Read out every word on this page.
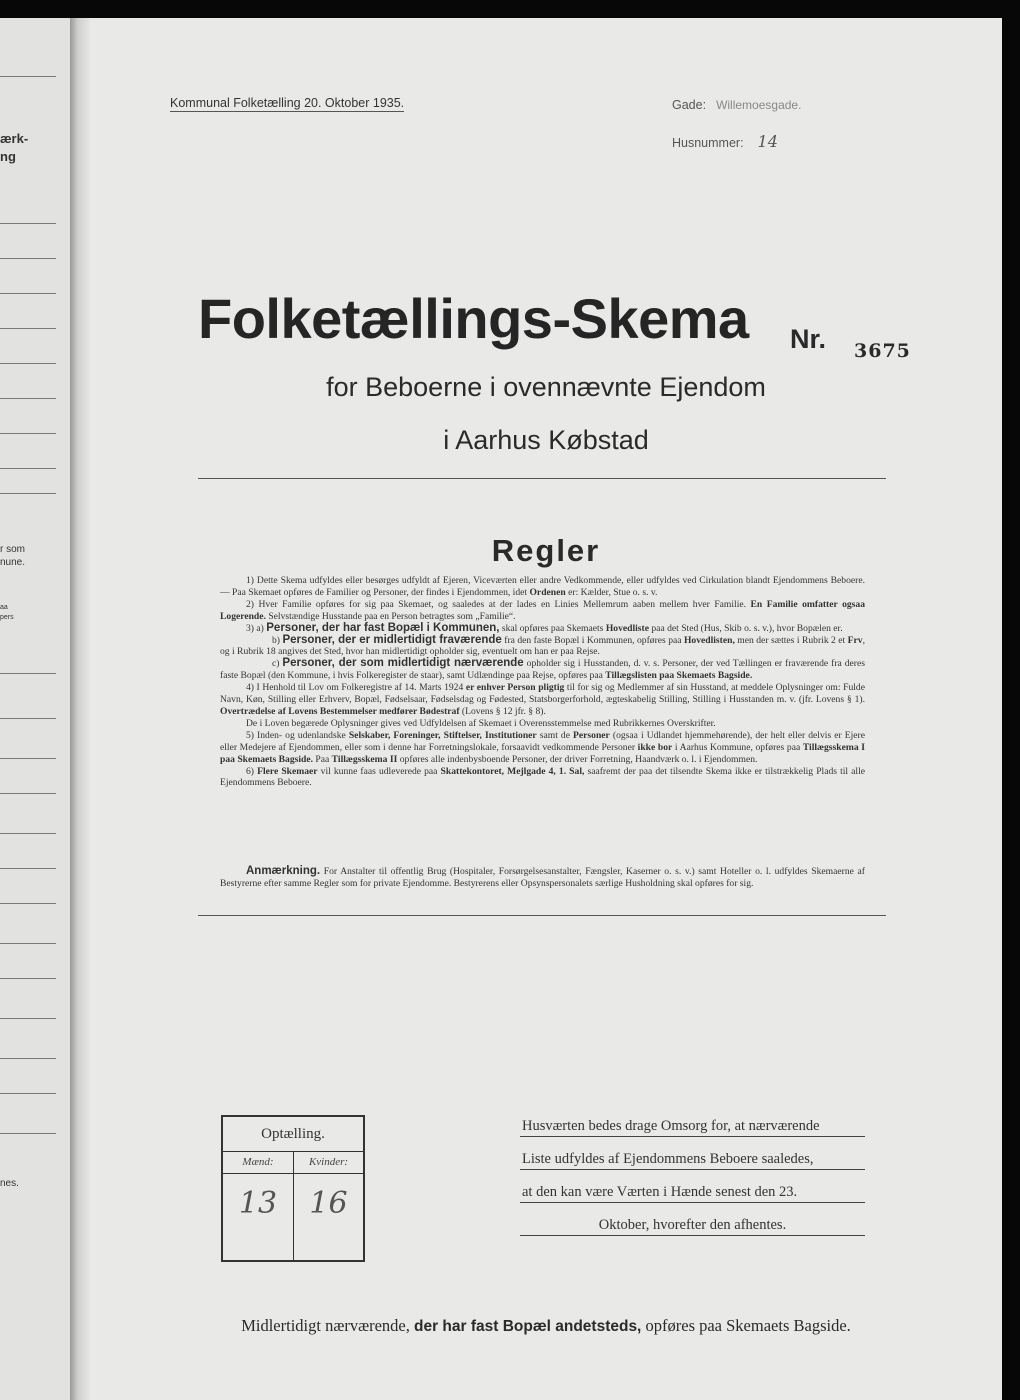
ærk-
ng
r som
nune.
aa
pers
nes.
Kommunal Folketælling 20. Oktober 1935.	Gade: Willemoesgade.
Husnummer: 14
Folketællings-Skema Nr. 3675
for Beboerne i ovennævnte Ejendom
i Aarhus Købstad
Regler

1) Dette Skema udfyldes eller besørges udfyldt af Ejeren, Viceværten eller andre Vedkommende, eller udfyldes ved Cirkulation blandt Ejendommens Beboere. — Paa Skemaet opføres de Familier og Personer, der findes i Ejendommen, idet Ordenen er: Kælder, Stue o. s. v.

2) Hver Familie opføres for sig paa Skemaet, og saaledes at der lades en Linies Mellemrum aaben mellem hver Familie. En Familie omfatter ogsaa Logerende. Selvstændige Husstande paa en Person betragtes som „Familie“.

3) a) Personer, der har fast Bopæl i Kommunen, skal opføres paa Skemaets Hovedliste paa det Sted (Hus, Skib o. s. v.), hvor Bopælen er.

b) Personer, der er midlertidigt fraværende fra den faste Bopæl i Kommunen, opføres paa Hovedlisten, men der sættes i Rubrik 2 et Frv, og i Rubrik 18 angives det Sted, hvor han midlertidigt opholder sig, eventuelt om han er paa Rejse.

c) Personer, der som midlertidigt nærværende opholder sig i Husstanden, d. v. s. Personer, der ved Tællingen er fraværende fra deres faste Bopæl (den Kommune, i hvis Folkeregister de staar), samt Udlændinge paa Rejse, opføres paa Tillægslisten paa Skemaets Bagside.

4) I Henhold til Lov om Folkeregistre af 14. Marts 1924 er enhver Person pligtig til for sig og Medlemmer af sin Husstand, at meddele Oplysninger om: Fulde Navn, Køn, Stilling eller Erhverv, Bopæl, Fødselsaar, Fødselsdag og Fødested, Statsborgerforhold, ægteskabelig Stilling, Stilling i Husstanden m. v. (jfr. Lovens § 1). Overtrædelse af Lovens Bestemmelser medfører Bødestraf (Lovens § 12 jfr. § 8).

De i Loven begærede Oplysninger gives ved Udfyldelsen af Skemaet i Overensstemmelse med Rubrikkernes Overskrifter.

5) Inden- og udenlandske Selskaber, Foreninger, Stiftelser, Institutioner samt de Personer (ogsaa i Udlandet hjemmehørende), der helt eller delvis er Ejere eller Medejere af Ejendommen, eller som i denne har Forretningslokale, forsaavidt vedkommende Personer ikke bor i Aarhus Kommune, opføres paa Tillægsskema I paa Skemaets Bagside. Paa Tillægsskema II opføres alle indenbysboende Personer, der driver Forretning, Haandværk o. l. i Ejendommen.

6) Flere Skemaer vil kunne faas udleverede paa Skattekontoret, Mejlgade 4, 1. Sal, saafremt der paa det tilsendte Skema ikke er tilstrækkelig Plads til alle Ejendommens Beboere.

Anmærkning. For Anstalter til offentlig Brug (Hospitaler, Forsørgelsesanstalter, Fængsler, Kaserner o. s. v.) samt Hoteller o. l. udfyldes Skemaerne af Bestyrerne efter samme Regler som for private Ejendomme. Bestyrerens eller Opsynspersonalets særlige Husholdning skal opføres for sig.

Optælling.
Mænd:
13
Kvinder:
16
Husværten bedes drage Omsorg for, at nærværende
Liste udfyldes af Ejendommens Beboere saaledes,
at den kan være Værten i Hænde senest den 23.
Oktober, hvorefter den afhentes.
Midlertidigt nærværende, der har fast Bopæl andetsteds, opføres paa Skemaets Bagside.
